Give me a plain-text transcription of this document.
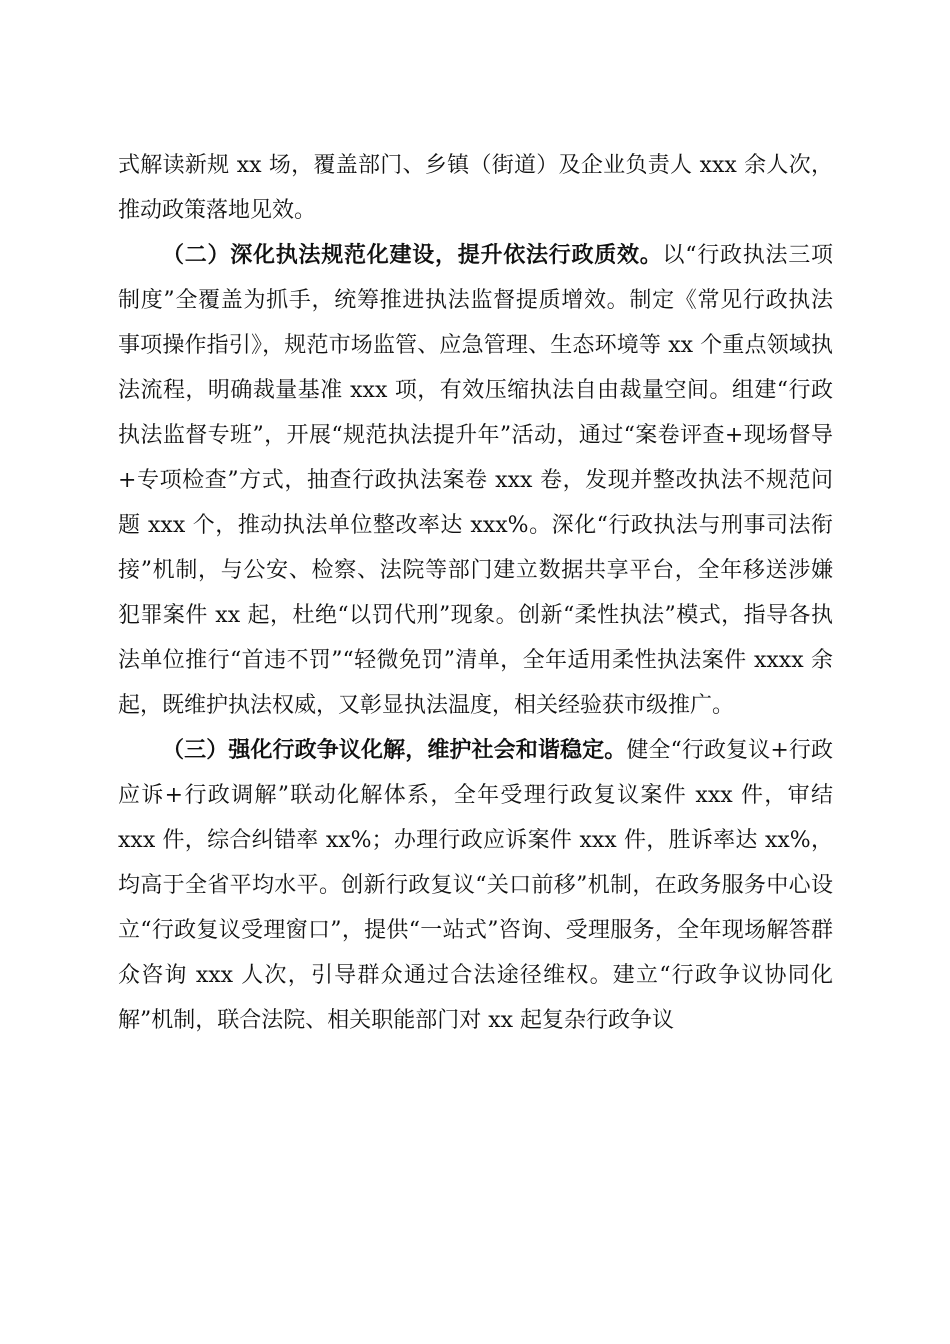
式解读新规 xx 场，覆盖部门、乡镇（街道）及企业负责人 xxx 余人次，推动政策落地见效。

（二）深化执法规范化建设，提升依法行政质效。以“行政执法三项制度”全覆盖为抓手，统筹推进执法监督提质增效。制定《常见行政执法事项操作指引》，规范市场监管、应急管理、生态环境等 xx 个重点领域执法流程，明确裁量基准 xxx 项，有效压缩执法自由裁量空间。组建“行政执法监督专班”，开展“规范执法提升年”活动，通过“案卷评查+现场督导+专项检查”方式，抽查行政执法案卷 xxx 卷，发现并整改执法不规范问题 xxx 个，推动执法单位整改率达 xxx%。深化“行政执法与刑事司法衔接”机制，与公安、检察、法院等部门建立数据共享平台，全年移送涉嫌犯罪案件 xx 起，杜绝“以罚代刑”现象。创新“柔性执法”模式，指导各执法单位推行“首违不罚”“轻微免罚”清单，全年适用柔性执法案件 xxxx 余起，既维护执法权威，又彰显执法温度，相关经验获市级推广。

（三）强化行政争议化解，维护社会和谐稳定。健全“行政复议+行政应诉+行政调解”联动化解体系，全年受理行政复议案件 xxx 件，审结 xxx 件，综合纠错率 xx%；办理行政应诉案件 xxx 件，胜诉率达 xx%，均高于全省平均水平。创新行政复议“关口前移”机制，在政务服务中心设立“行政复议受理窗口”，提供“一站式”咨询、受理服务，全年现场解答群众咨询 xxx 人次，引导群众通过合法途径维权。建立“行政争议协同化解”机制，联合法院、相关职能部门对 xx 起复杂行政争议
